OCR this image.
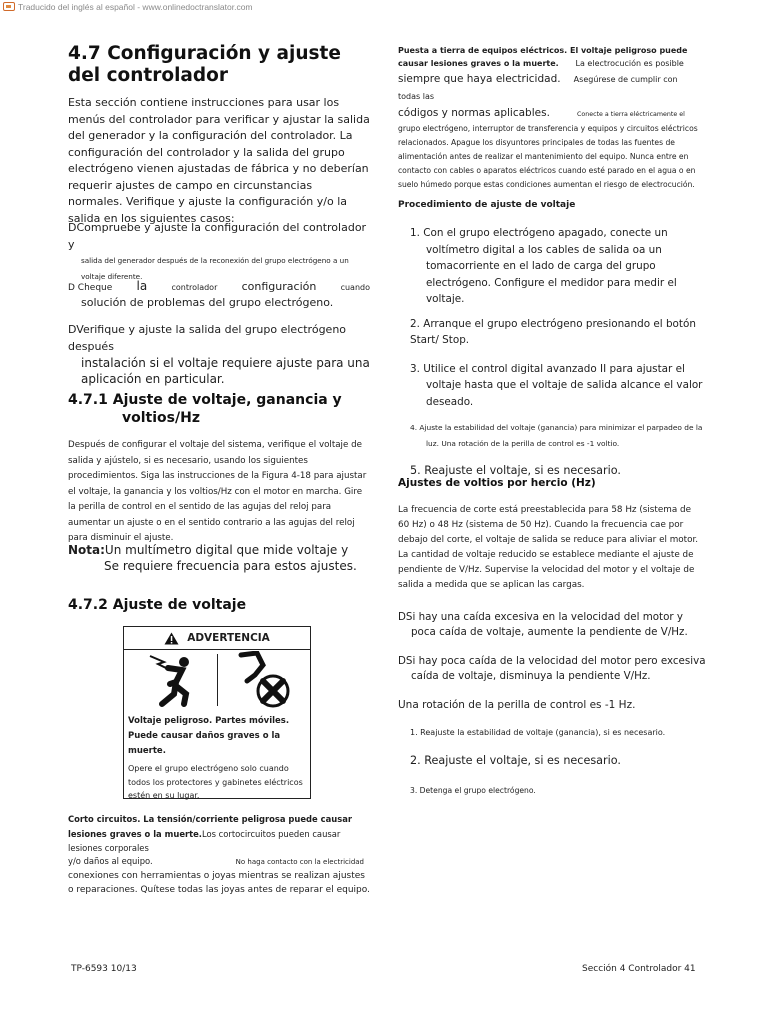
Traducido del inglés al español - www.onlinedoctranslator.com
4.7 Configuración y ajuste del controlador

Esta sección contiene instrucciones para usar los menús del controlador para verificar y ajustar la salida del generador y la configuración del controlador. La configuración del controlador y la salida del grupo electrógeno vienen ajustadas de fábrica y no deberían requerir ajustes de campo en circunstancias normales. Verifique y ajuste la configuración y/o la salida en los siguientes casos:

DCompruebe y ajuste la configuración del controlador y

salida del generador después de la reconexión del grupo electrógeno a un voltaje diferente.

D Cheque la	controlador configuración	cuando

solución de problemas del grupo electrógeno.

DVerifique y ajuste la salida del grupo electrógeno después

instalación si el voltaje requiere ajuste para una aplicación en particular.

4.7.1 Ajuste de voltaje, ganancia y
voltios/Hz

Después de configurar el voltaje del sistema, verifique el voltaje de salida y ajústelo, si es necesario, usando los siguientes procedimientos. Siga las instrucciones de la Figura 4-18 para ajustar el voltaje, la ganancia y los voltios/Hz con el motor en marcha. Gire la perilla de control en el sentido de las agujas del reloj para aumentar un ajuste o en el sentido contrario a las agujas del reloj para disminuir el ajuste.

Nota:Un multímetro digital que mide voltaje y

Se requiere frecuencia para estos ajustes.

4.7.2 Ajuste de voltaje
ADVERTENCIA

Voltaje peligroso. Partes móviles. Puede causar daños graves o la muerte.

Opere el grupo electrógeno solo cuando todos los protectores y gabinetes eléctricos estén en su lugar.

Corto circuitos. La tensión/corriente peligrosa puede causar lesiones graves o la muerte.Los cortocircuitos pueden causar lesiones corporales

y/o daños al equipo.	No haga contacto con la electricidad

conexiones con herramientas o joyas mientras se realizan ajustes o reparaciones. Quítese todas las joyas antes de reparar el equipo.

Puesta a tierra de equipos eléctricos. El voltaje peligroso puede causar lesiones graves o la muerte. La electrocución es posible

siempre que haya electricidad. Asegúrese de cumplir con todas las

códigos y normas aplicables.	Conecte a tierra eléctricamente el

grupo electrógeno, interruptor de transferencia y equipos y circuitos eléctricos relacionados. Apague los disyuntores principales de todas las fuentes de alimentación antes de realizar el mantenimiento del equipo. Nunca entre en contacto con cables o aparatos eléctricos cuando esté parado en el agua o en suelo húmedo porque estas condiciones aumentan el riesgo de electrocución.

Procedimiento de ajuste de voltaje

1. Con el grupo electrógeno apagado, conecte un voltímetro digital a los cables de salida oa un tomacorriente en el lado de carga del grupo electrógeno. Configure el medidor para medir el voltaje.
2. Arranque el grupo electrógeno presionando el botón Start/ Stop.
3. Utilice el control digital avanzado II para ajustar el voltaje hasta que el voltaje de salida alcance el valor deseado.
4. Ajuste la estabilidad del voltaje (ganancia) para minimizar el parpadeo de la luz. Una rotación de la perilla de control es -1 voltio.
5. Reajuste el voltaje, si es necesario.
Ajustes de voltios por hercio (Hz)

La frecuencia de corte está preestablecida para 58 Hz (sistema de 60 Hz) o 48 Hz (sistema de 50 Hz). Cuando la frecuencia cae por debajo del corte, el voltaje de salida se reduce para aliviar el motor. La cantidad de voltaje reducido se establece mediante el ajuste de pendiente de V/Hz. Supervise la velocidad del motor y el voltaje de salida a medida que se aplican las cargas.

DSi hay una caída excesiva en la velocidad del motor y poca caída de voltaje, aumente la pendiente de V/Hz.

DSi hay poca caída de la velocidad del motor pero excesiva caída de voltaje, disminuya la pendiente V/Hz.

Una rotación de la perilla de control es -1 Hz.

1. Reajuste la estabilidad de voltaje (ganancia), si es necesario.

2. Reajuste el voltaje, si es necesario.

3. Detenga el grupo electrógeno.

TP-6593 10/13	Sección 4 Controlador 41
